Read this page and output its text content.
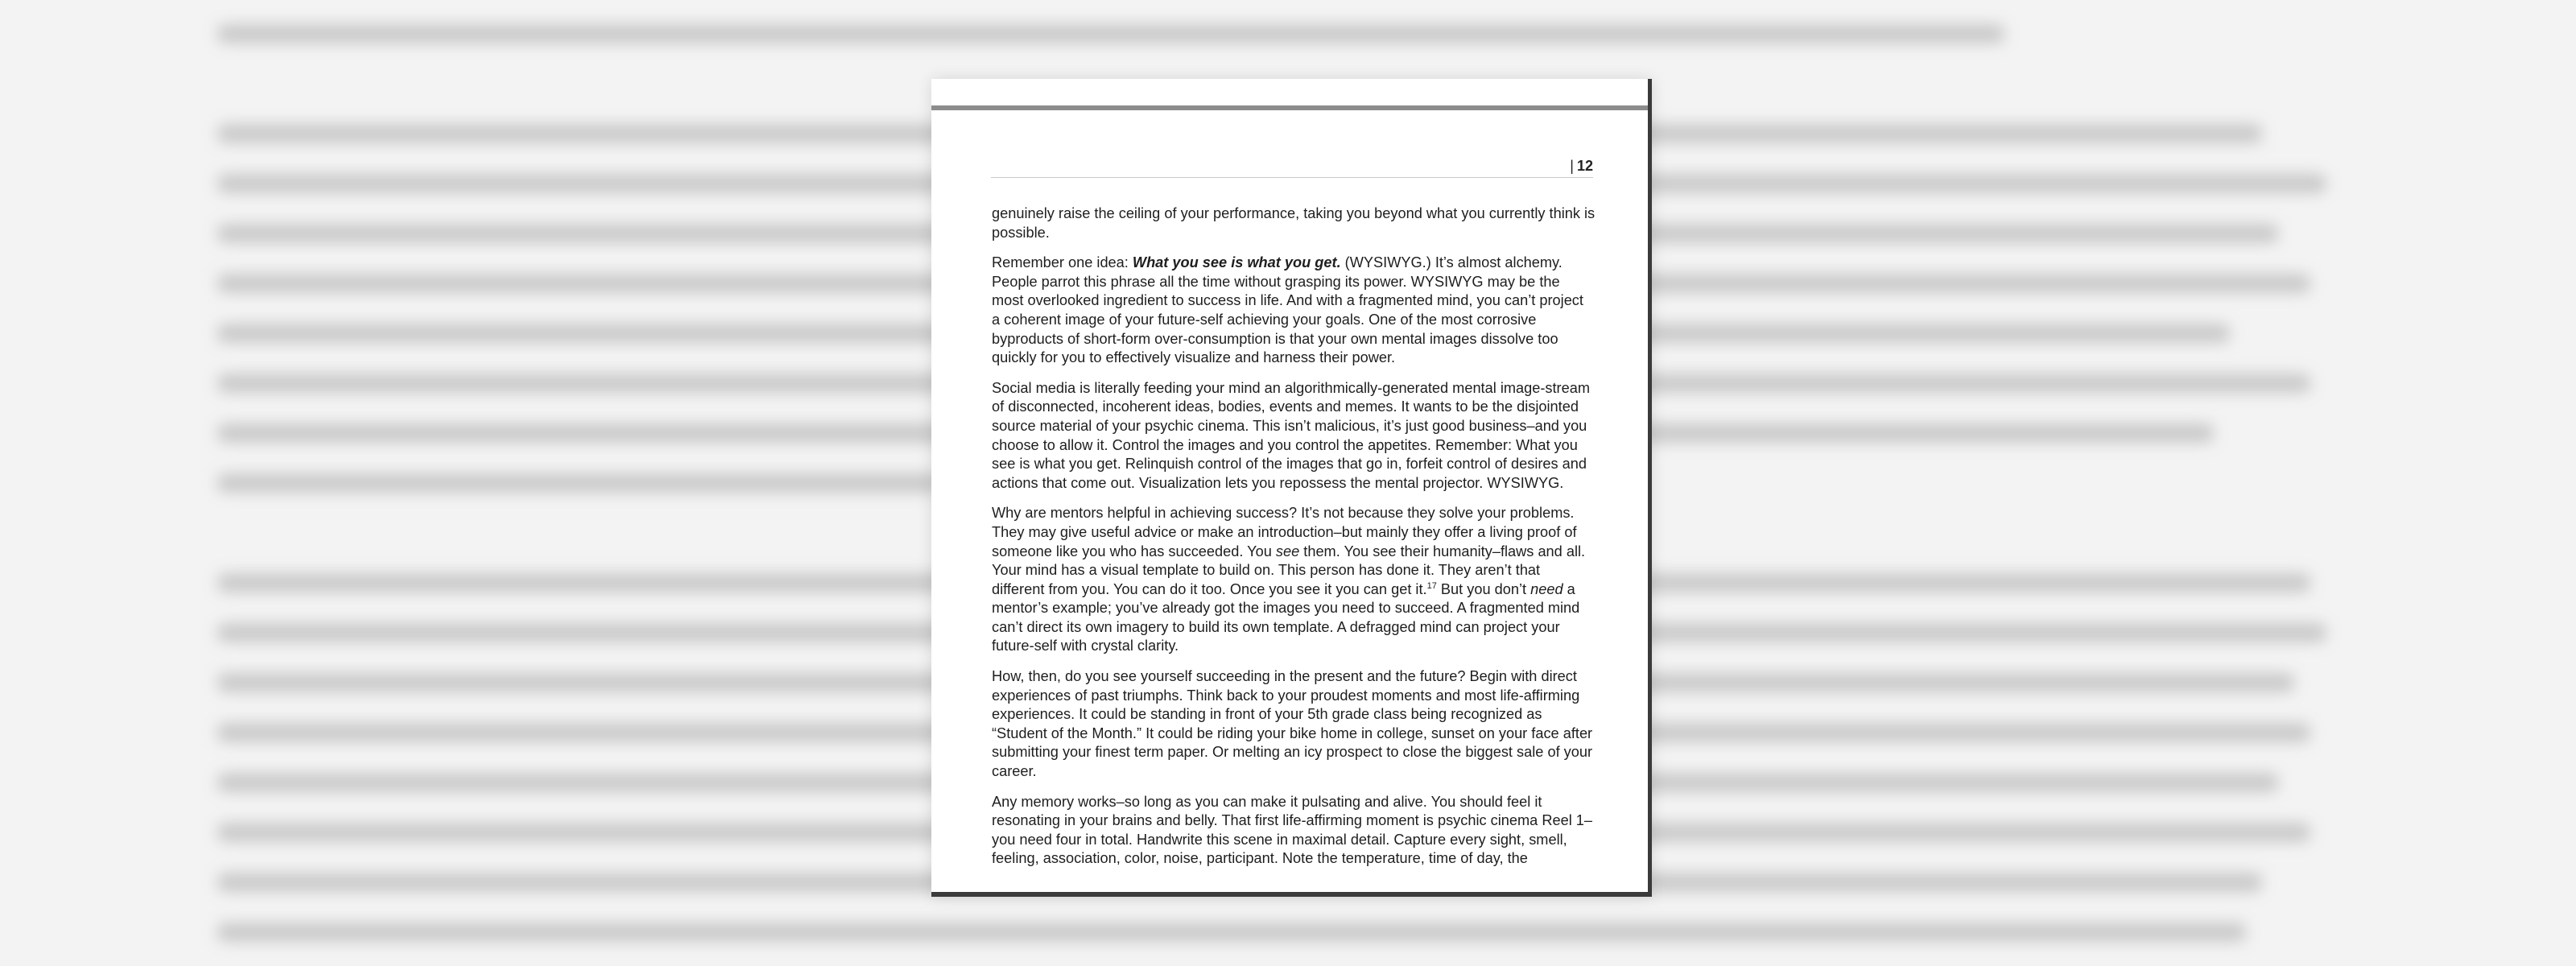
| 12

genuinely raise the ceiling of your performance, taking you beyond what you currently think is possible.

Remember one idea: What you see is what you get. (WYSIWYG.) It’s almost alchemy. People parrot this phrase all the time without grasping its power. WYSIWYG may be the most overlooked ingredient to success in life. And with a fragmented mind, you can’t project a coherent image of your future-self achieving your goals. One of the most corrosive byproducts of short-form over-consumption is that your own mental images dissolve too quickly for you to effectively visualize and harness their power.

Social media is literally feeding your mind an algorithmically-generated mental image-stream of disconnected, incoherent ideas, bodies, events and memes. It wants to be the disjointed source material of your psychic cinema. This isn’t malicious, it’s just good business–and you choose to allow it. Control the images and you control the appetites. Remember: What you see is what you get. Relinquish control of the images that go in, forfeit control of desires and actions that come out. Visualization lets you repossess the mental projector. WYSIWYG.

Why are mentors helpful in achieving success? It’s not because they solve your problems. They may give useful advice or make an introduction–but mainly they offer a living proof of someone like you who has succeeded. You see them. You see their humanity–flaws and all. Your mind has a visual template to build on. This person has done it. They aren’t that different from you. You can do it too. Once you see it you can get it.$^{17}$ But you don’t need a mentor’s example; you’ve already got the images you need to succeed. A fragmented mind can’t direct its own imagery to build its own template. A defragged mind can project your future-self with crystal clarity.

How, then, do you see yourself succeeding in the present and the future? Begin with direct experiences of past triumphs. Think back to your proudest moments and most life-affirming experiences. It could be standing in front of your 5th grade class being recognized as “Student of the Month.” It could be riding your bike home in college, sunset on your face after submitting your finest term paper. Or melting an icy prospect to close the biggest sale of your career.

Any memory works–so long as you can make it pulsating and alive. You should feel it resonating in your brains and belly. That first life-affirming moment is psychic cinema Reel 1–you need four in total. Handwrite this scene in maximal detail. Capture every sight, smell, feeling, association, color, noise, participant. Note the temperature, time of day, the
